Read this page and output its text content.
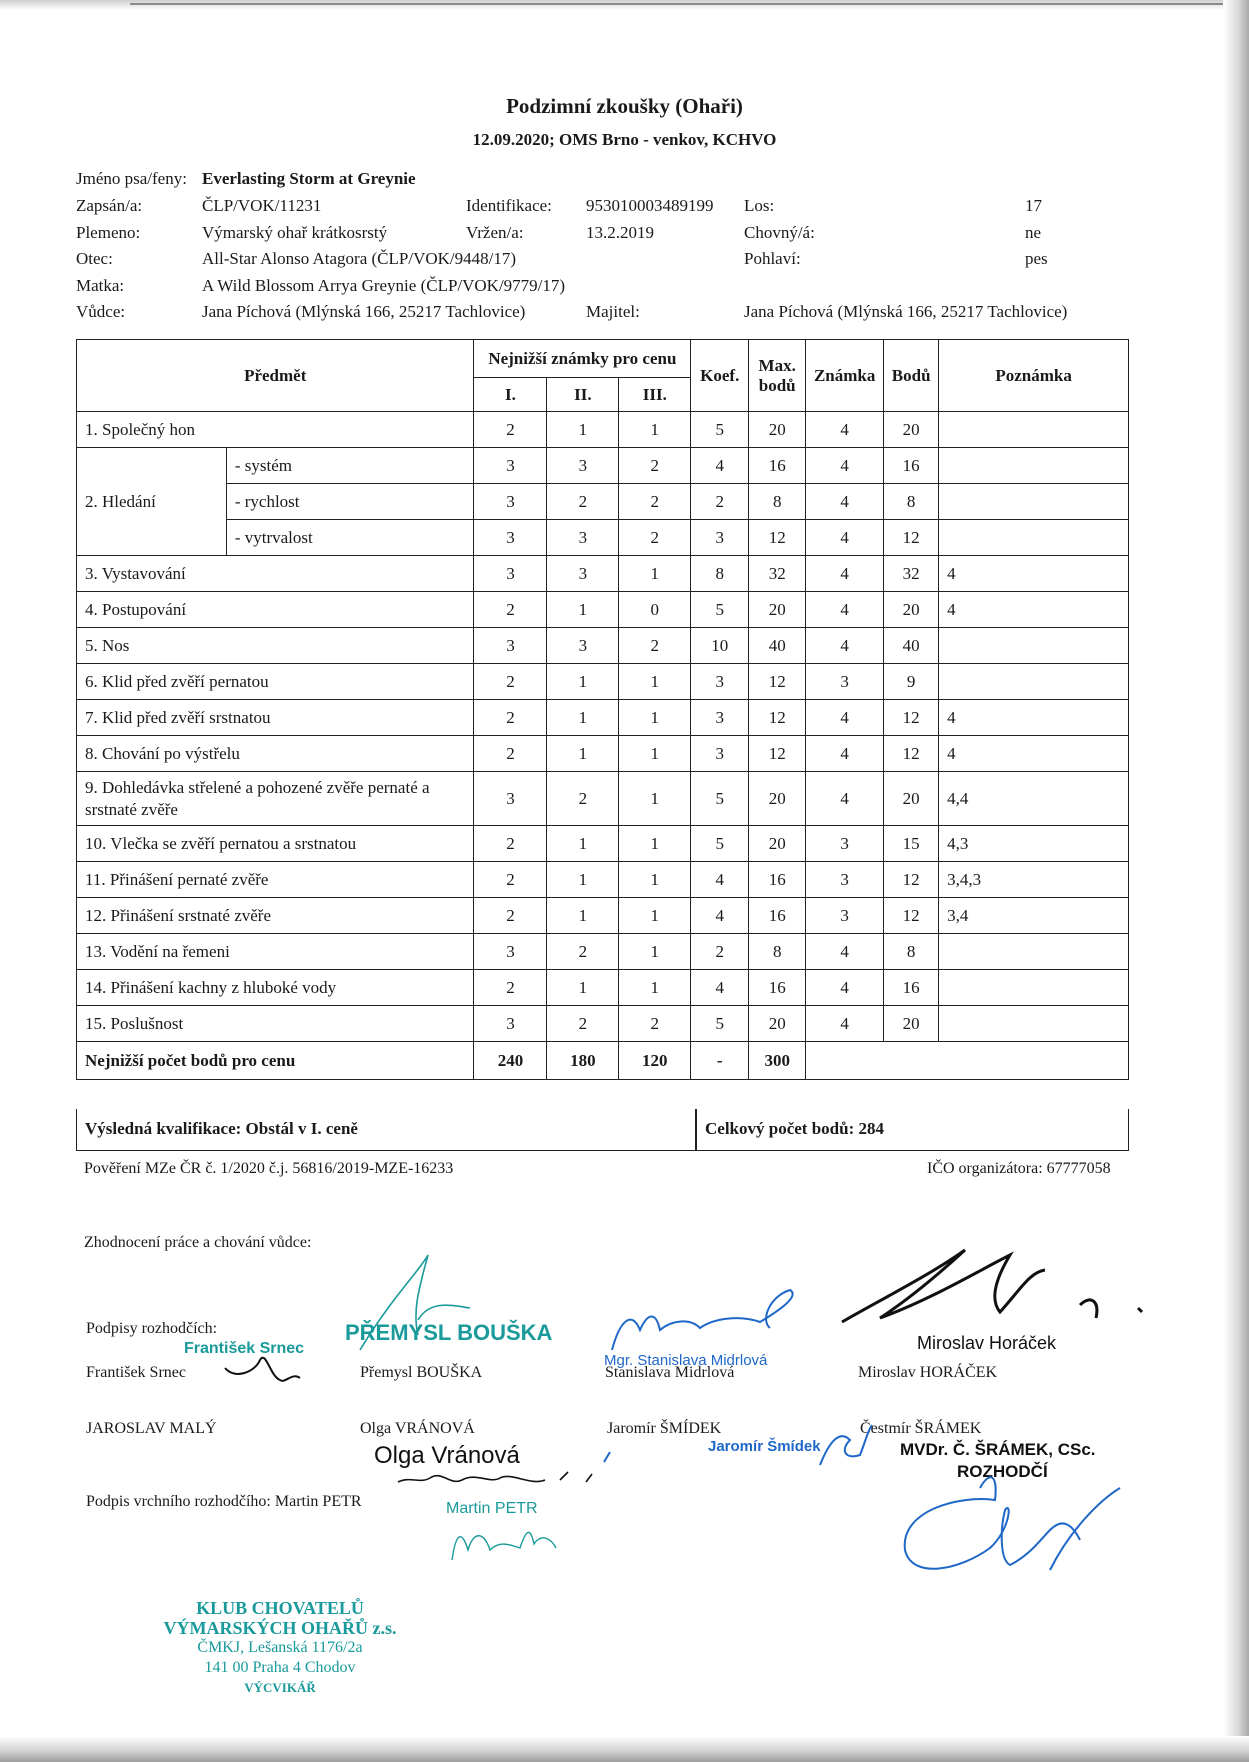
Podzimní zkoušky (Ohaři)
12.09.2020; OMS Brno - venkov, KCHVO
Jméno psa/feny: Everlasting Storm at Greynie
Zapsán/a:	ČLP/VOK/11231	Identifikace: 953010003489199 Los:	17
Plemeno:	Výmarský ohař krátkosrstý	Vržen/a:	13.2.2019	Chovný/á:	ne
Otec:	All-Star Alonso Atagora (ČLP/VOK/9448/17)	Pohlaví:	pes
Matka:	A Wild Blossom Arrya Greynie (ČLP/VOK/9779/17)
Vůdce:	Jana Píchová (Mlýnská 166, 25217 Tachlovice)	Majitel:	Jana Píchová (Mlýnská 166, 25217 Tachlovice)
Předmět		Nejnižší známky pro cenu			Koef.	Max. bodů	Známka	Bodů	Poznámka
		I.	II.	III.					
1. Společný hon		2	1	1	5	20	4	20	
2. Hledání	- systém	3	3	2	4	16	4	16	
	- rychlost	3	2	2	2	8	4	8	
	- vytrvalost	3	3	2	3	12	4	12	
3. Vystavování		3	3	1	8	32	4	32	4
4. Postupování		2	1	0	5	20	4	20	4
5. Nos		3	3	2	10	40	4	40	
6. Klid před zvěří pernatou		2	1	1	3	12	3	9	
7. Klid před zvěří srstnatou		2	1	1	3	12	4	12	4
8. Chování po výstřelu		2	1	1	3	12	4	12	4
9. Dohledávka střelené a pohozené zvěře pernaté a srstnaté zvěře		3	2	1	5	20	4	20	4,4
10. Vlečka se zvěří pernatou a srstnatou		2	1	1	5	20	3	15	4,3
11. Přinášení pernaté zvěře		2	1	1	4	16	3	12	3,4,3
12. Přinášení srstnaté zvěře		2	1	1	4	16	3	12	3,4
13. Vodění na řemeni		3	2	1	2	8	4	8	
14. Přinášení kachny z hluboké vody		2	1	1	4	16	4	16	
15. Poslušnost		3	2	2	5	20	4	20	
Nejnižší počet bodů pro cenu		240	180	120	-	300			
Výsledná kvalifikace: Obstál v I. ceně	Celkový počet bodů: 284
Pověření MZe ČR č. 1/2020 č.j. 56816/2019-MZE-16233	IČO organizátora: 67777058
Zhodnocení práce a chování vůdce:
Podpisy rozhodčích:
František Srnec	Přemysl BOUŠKA	Stanislava Midrlová	Miroslav HORÁČEK
JAROSLAV MALÝ	Olga VRÁNOVÁ	Jaromír ŠMÍDEK	Čestmír ŠRÁMEK
Podpis vrchního rozhodčího: Martin PETR
František Srnec
PŘEMYSL BOUŠKA
Mgr. Stanislava Midrlová
Miroslav Horáček
Olga Vránová	Jaromír Šmídek	MVDr. Č. ŠRÁMEK, CSc.
ROZHODČÍ
Martin PETR
KLUB CHOVATELŮ
VÝMARSKÝCH OHAŘŮ z.s.
ČMKJ, Lešanská 1176/2a
141 00 Praha 4 Chodov
VÝCVIKÁŘ
